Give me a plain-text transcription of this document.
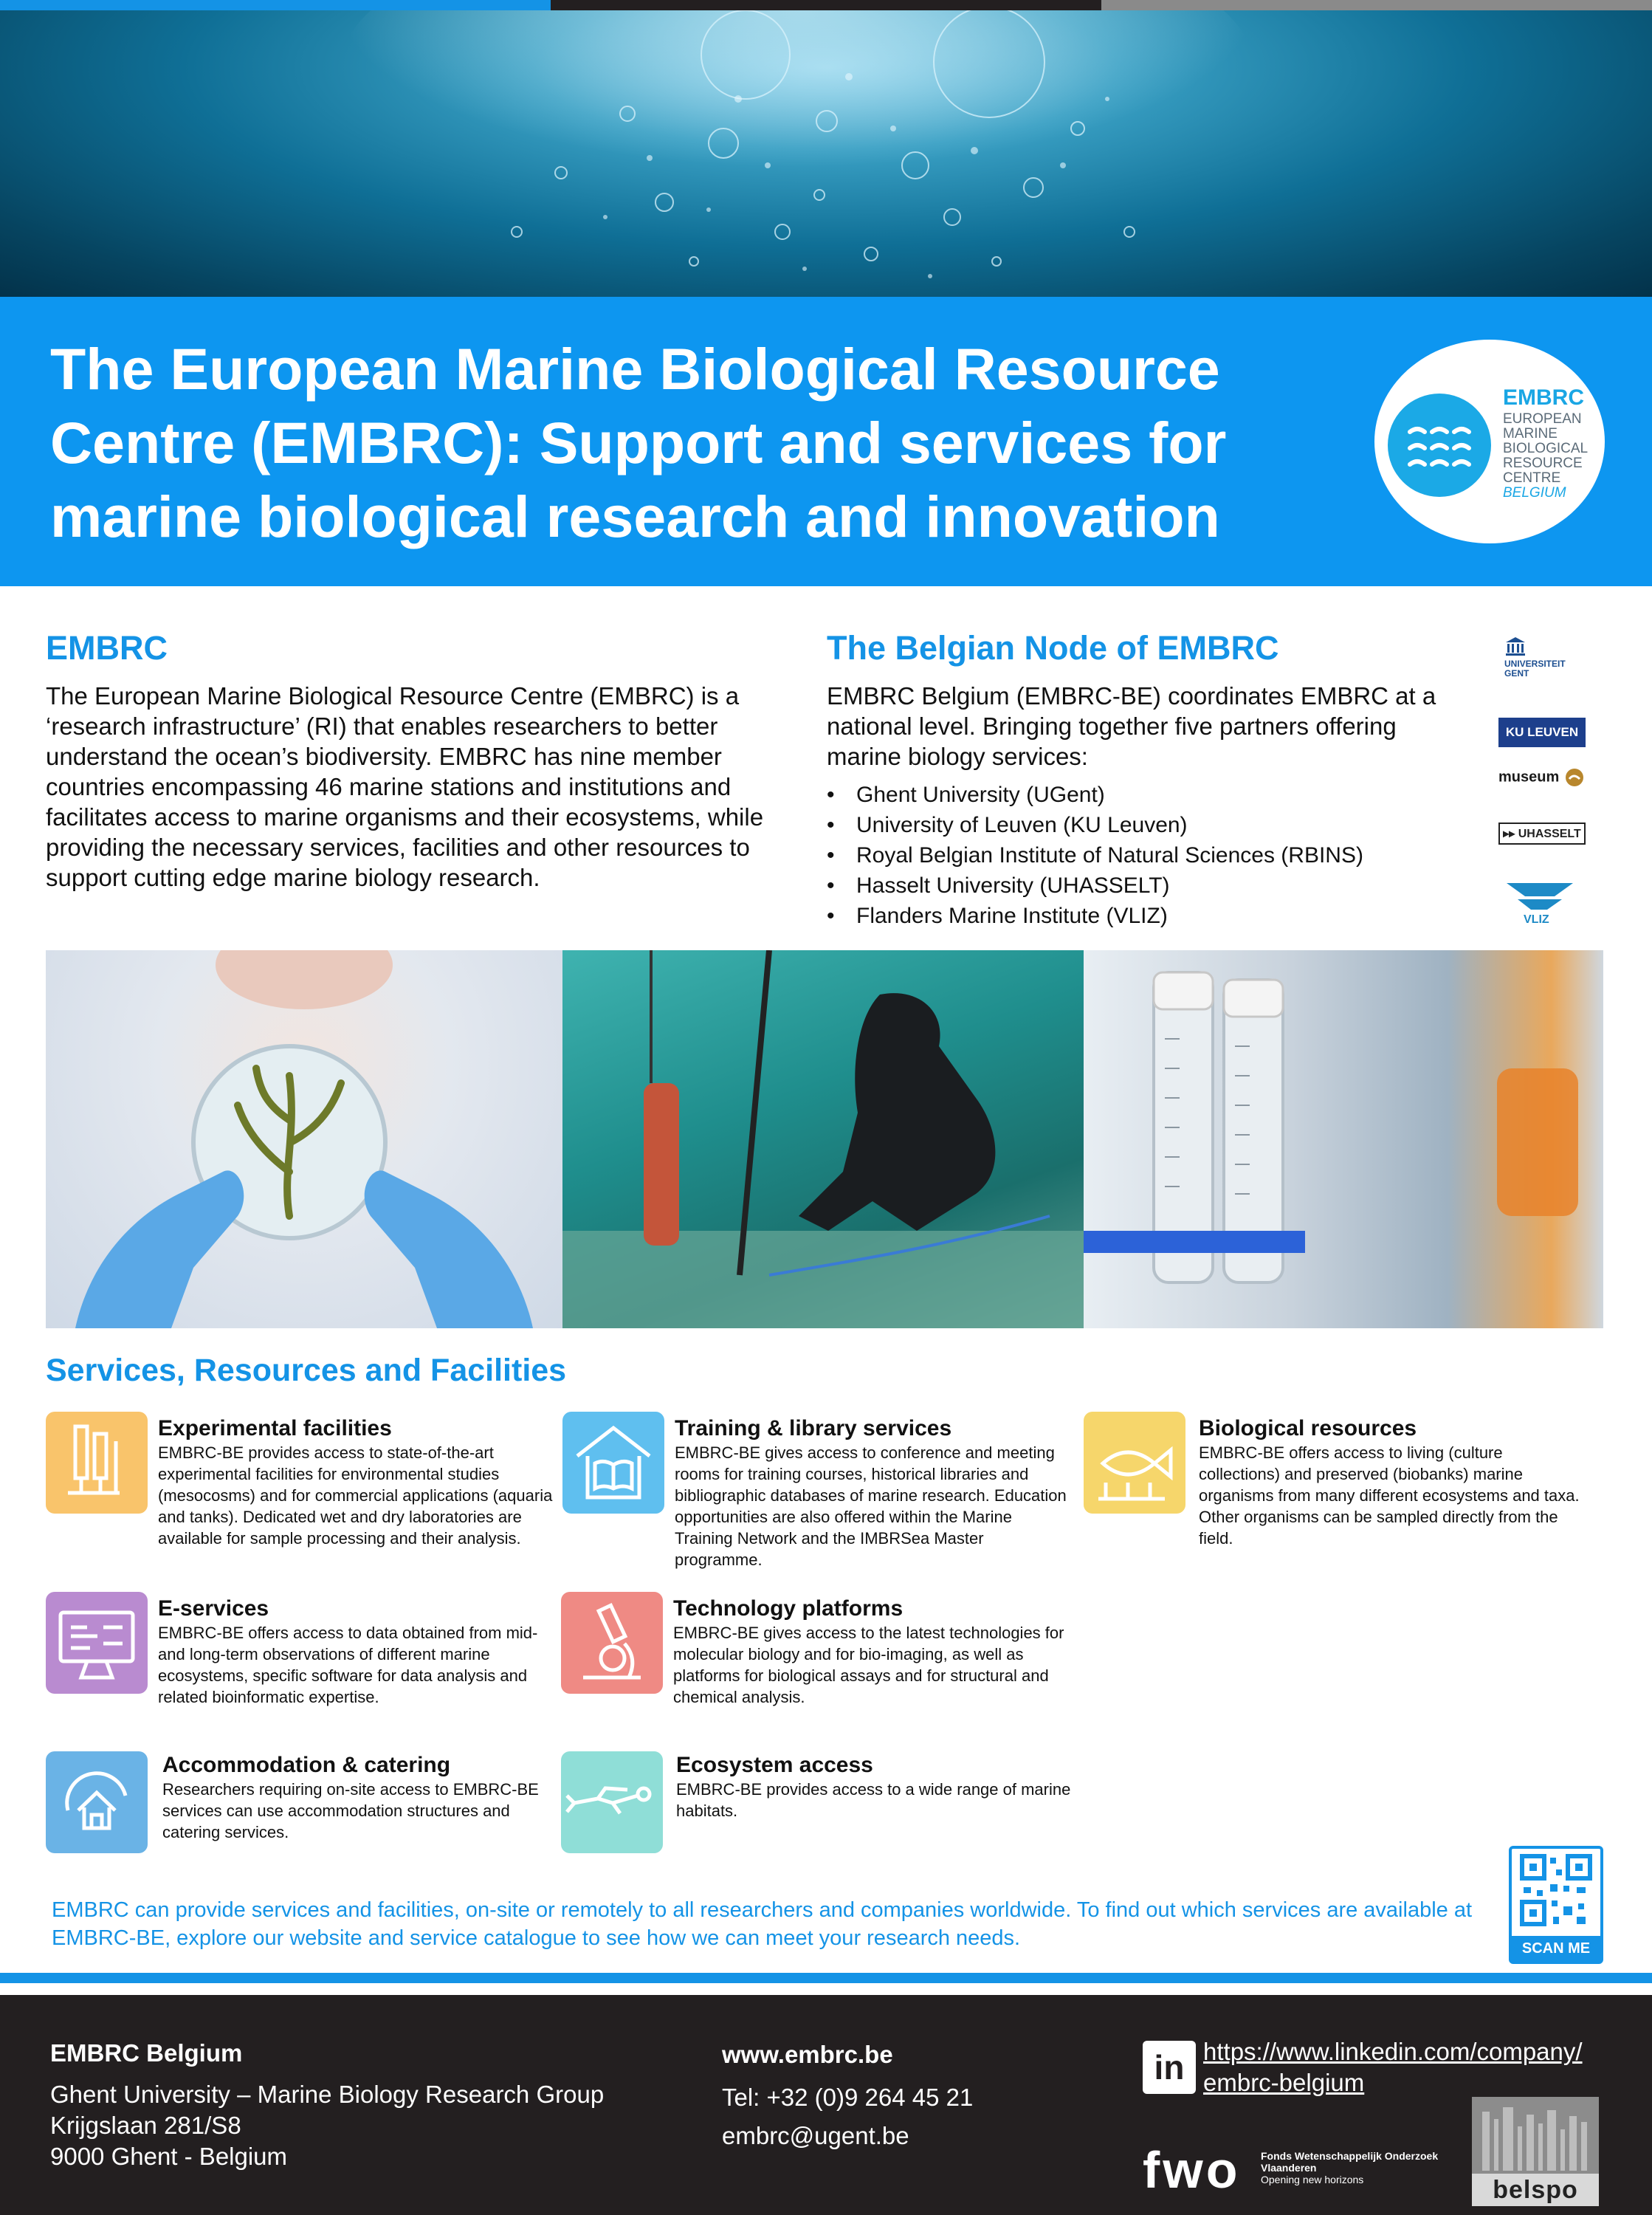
The European Marine Biological Resource Centre (EMBRC): Support and services for marine biological research and innovation
EMBRC
EUROPEAN
MARINE
BIOLOGICAL
RESOURCE
CENTRE
BELGIUM
EMBRC

The European Marine Biological Resource Centre (EMBRC) is a ‘research infrastructure’ (RI) that enables researchers to better understand the ocean’s biodiversity. EMBRC has nine member countries encompassing 46 marine stations and institutions and facilitates access to marine organisms and their ecosystems, while providing the necessary services, facilities and other resources to support cutting edge marine biology research.

The Belgian Node of EMBRC

EMBRC Belgium (EMBRC-BE) coordinates EMBRC at a national level. Bringing together five partners offering marine biology services:

• Ghent University (UGent)
• University of Leuven (KU Leuven)
• Royal Belgian Institute of Natural Sciences (RBINS)
• Hasselt University (UHASSELT)
• Flanders Marine Institute (VLIZ)
UNIVERSITEIT
GENT
KU LEUVEN
museum
▸▸ UHASSELT
VLIZ
Services, Resources and Facilities
Experimental facilities
EMBRC-BE provides access to state-of-the-art experimental facilities for environmental studies (mesocosms) and for commercial applications (aquaria and tanks). Dedicated wet and dry laboratories are available for sample processing and their analysis.
Training & library services
EMBRC-BE gives access to conference and meeting rooms for training courses, historical libraries and bibliographic databases of marine research. Education opportunities are also offered within the Marine Training Network and the IMBRSea Master programme.
Biological resources
EMBRC-BE offers access to living (culture collections) and preserved (biobanks) marine organisms from many different ecosystems and taxa. Other organisms can be sampled directly from the field.
E-services
EMBRC-BE offers access to data obtained from mid- and long-term observations of different marine ecosystems, specific software for data analysis and related bioinformatic expertise.
Technology platforms
EMBRC-BE gives access to the latest technologies for molecular biology and for bio-imaging, as well as platforms for biological assays and for structural and chemical analysis.
Accommodation & catering
Researchers requiring on-site access to EMBRC-BE services can use accommodation structures and catering services.
Ecosystem access
EMBRC-BE provides access to a wide range of marine habitats.

EMBRC can provide services and facilities, on-site or remotely to all researchers and companies worldwide. To find out which services are available at EMBRC-BE, explore our website and service catalogue to see how we can meet your research needs.	SCAN ME
EMBRC Belgium
Ghent University – Marine Biology Research Group
Krijgslaan 281/S8
9000 Ghent - Belgium
www.embrc.be
Tel: +32 (0)9 264 45 21
embrc@ugent.be
in https://www.linkedin.com/company/
embrc-belgium
fwo Fonds Wetenschappelijk Onderzoek
Vlaanderen
Opening new horizons	belspo
